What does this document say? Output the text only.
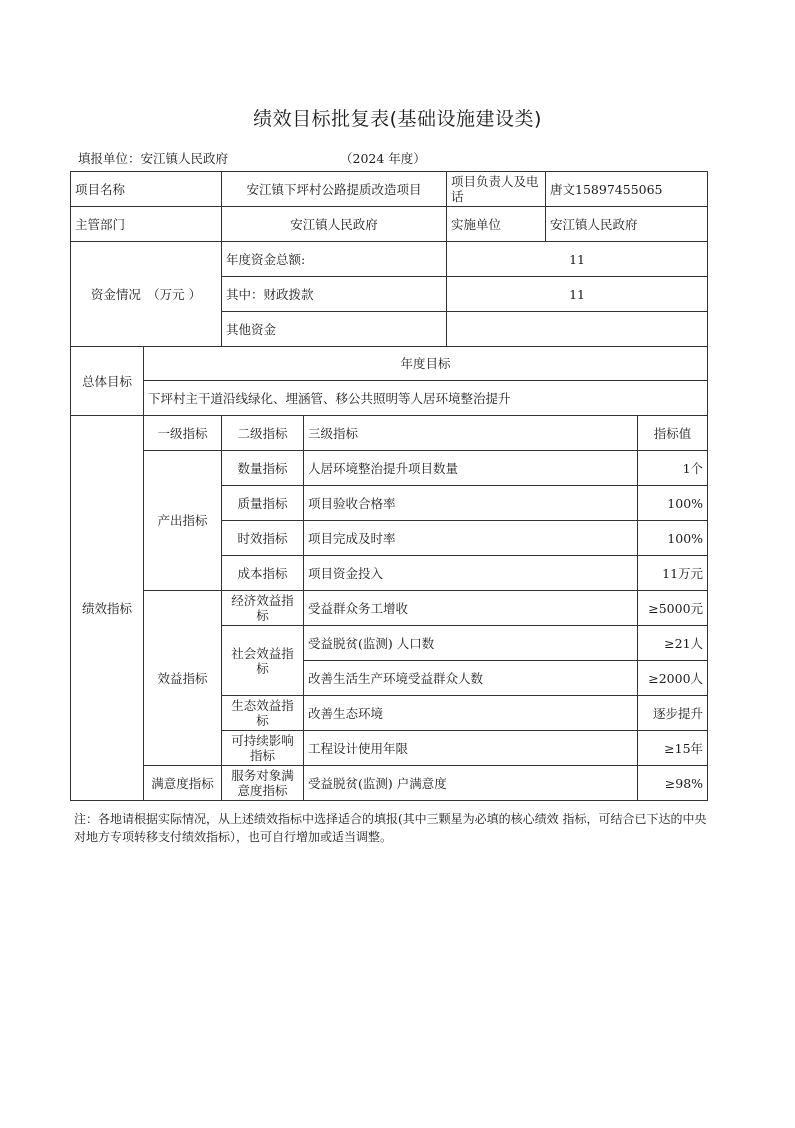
绩效目标批复表(基础设施建设类)
填报单位：安江镇人民政府	（2024 年度）
项目名称		安江镇下坪村公路提质改造项目		项目负责人及电话	唐文15897455065	
主管部门		安江镇人民政府		实施单位	安江镇人民政府	
资金情况　（万元 ）		年度资金总额:		11		
		其中：财政拨款		11		
		其他资金				
总体目标	年度目标					
	下坪村主干道沿线绿化、埋涵管、移公共照明等人居环境整治提升					
绩效指标	一级指标	二级指标	三级指标			指标值
	产出指标	数量指标	人居环境整治提升项目数量			1个
		质量指标	项目验收合格率			100%
		时效指标	项目完成及时率			100%
		成本指标	项目资金投入			11万元
	效益指标	经济效益指标	受益群众务工增收			≥5000元
		社会效益指标	受益脱贫(监测) 人口数			≥21人
			改善生活生产环境受益群众人数			≥2000人
		生态效益指标	改善生态环境			逐步提升
		可持续影响指标	工程设计使用年限			≥15年
	满意度指标	服务对象满意度指标	受益脱贫(监测) 户满意度			≥98%
注：各地请根据实际情况，从上述绩效指标中选择适合的填报(其中三颗星为必填的核心绩效 指标，可结合已下达的中央对地方专项转移支付绩效指标），也可自行增加或适当调整。
